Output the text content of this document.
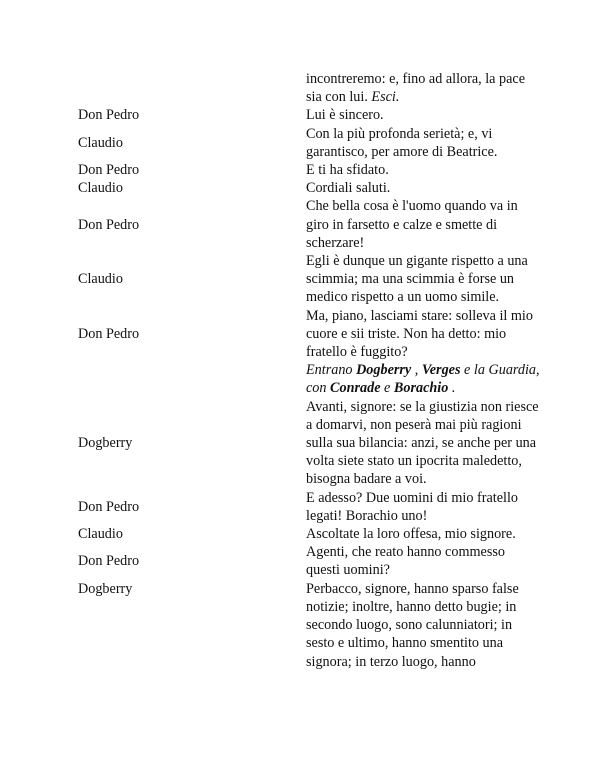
	incontreremo: e, fino ad allora, la pace sia con lui. Esci.
Don Pedro	Lui è sincero.
Claudio	Con la più profonda serietà; e, vi garantisco, per amore di Beatrice.
Don Pedro	E ti ha sfidato.
Claudio	Cordiali saluti.
Don Pedro	Che bella cosa è l'uomo quando va in giro in farsetto e calze e smette di scherzare!
Claudio	Egli è dunque un gigante rispetto a una scimmia; ma una scimmia è forse un medico rispetto a un uomo simile.
Don Pedro	Ma, piano, lasciami stare: solleva il mio cuore e sii triste. Non ha detto: mio fratello è fuggito?
	Entrano Dogberry , Verges e la Guardia, con Conrade e Borachio .
Dogberry	Avanti, signore: se la giustizia non riesce a domarvi, non peserà mai più ragioni sulla sua bilancia: anzi, se anche per una volta siete stato un ipocrita maledetto, bisogna badare a voi.
Don Pedro	E adesso? Due uomini di mio fratello legati! Borachio uno!
Claudio	Ascoltate la loro offesa, mio signore.
Don Pedro	Agenti, che reato hanno commesso questi uomini?
Dogberry	Perbacco, signore, hanno sparso false notizie; inoltre, hanno detto bugie; in secondo luogo, sono calunniatori; in sesto e ultimo, hanno smentito una signora; in terzo luogo, hanno
